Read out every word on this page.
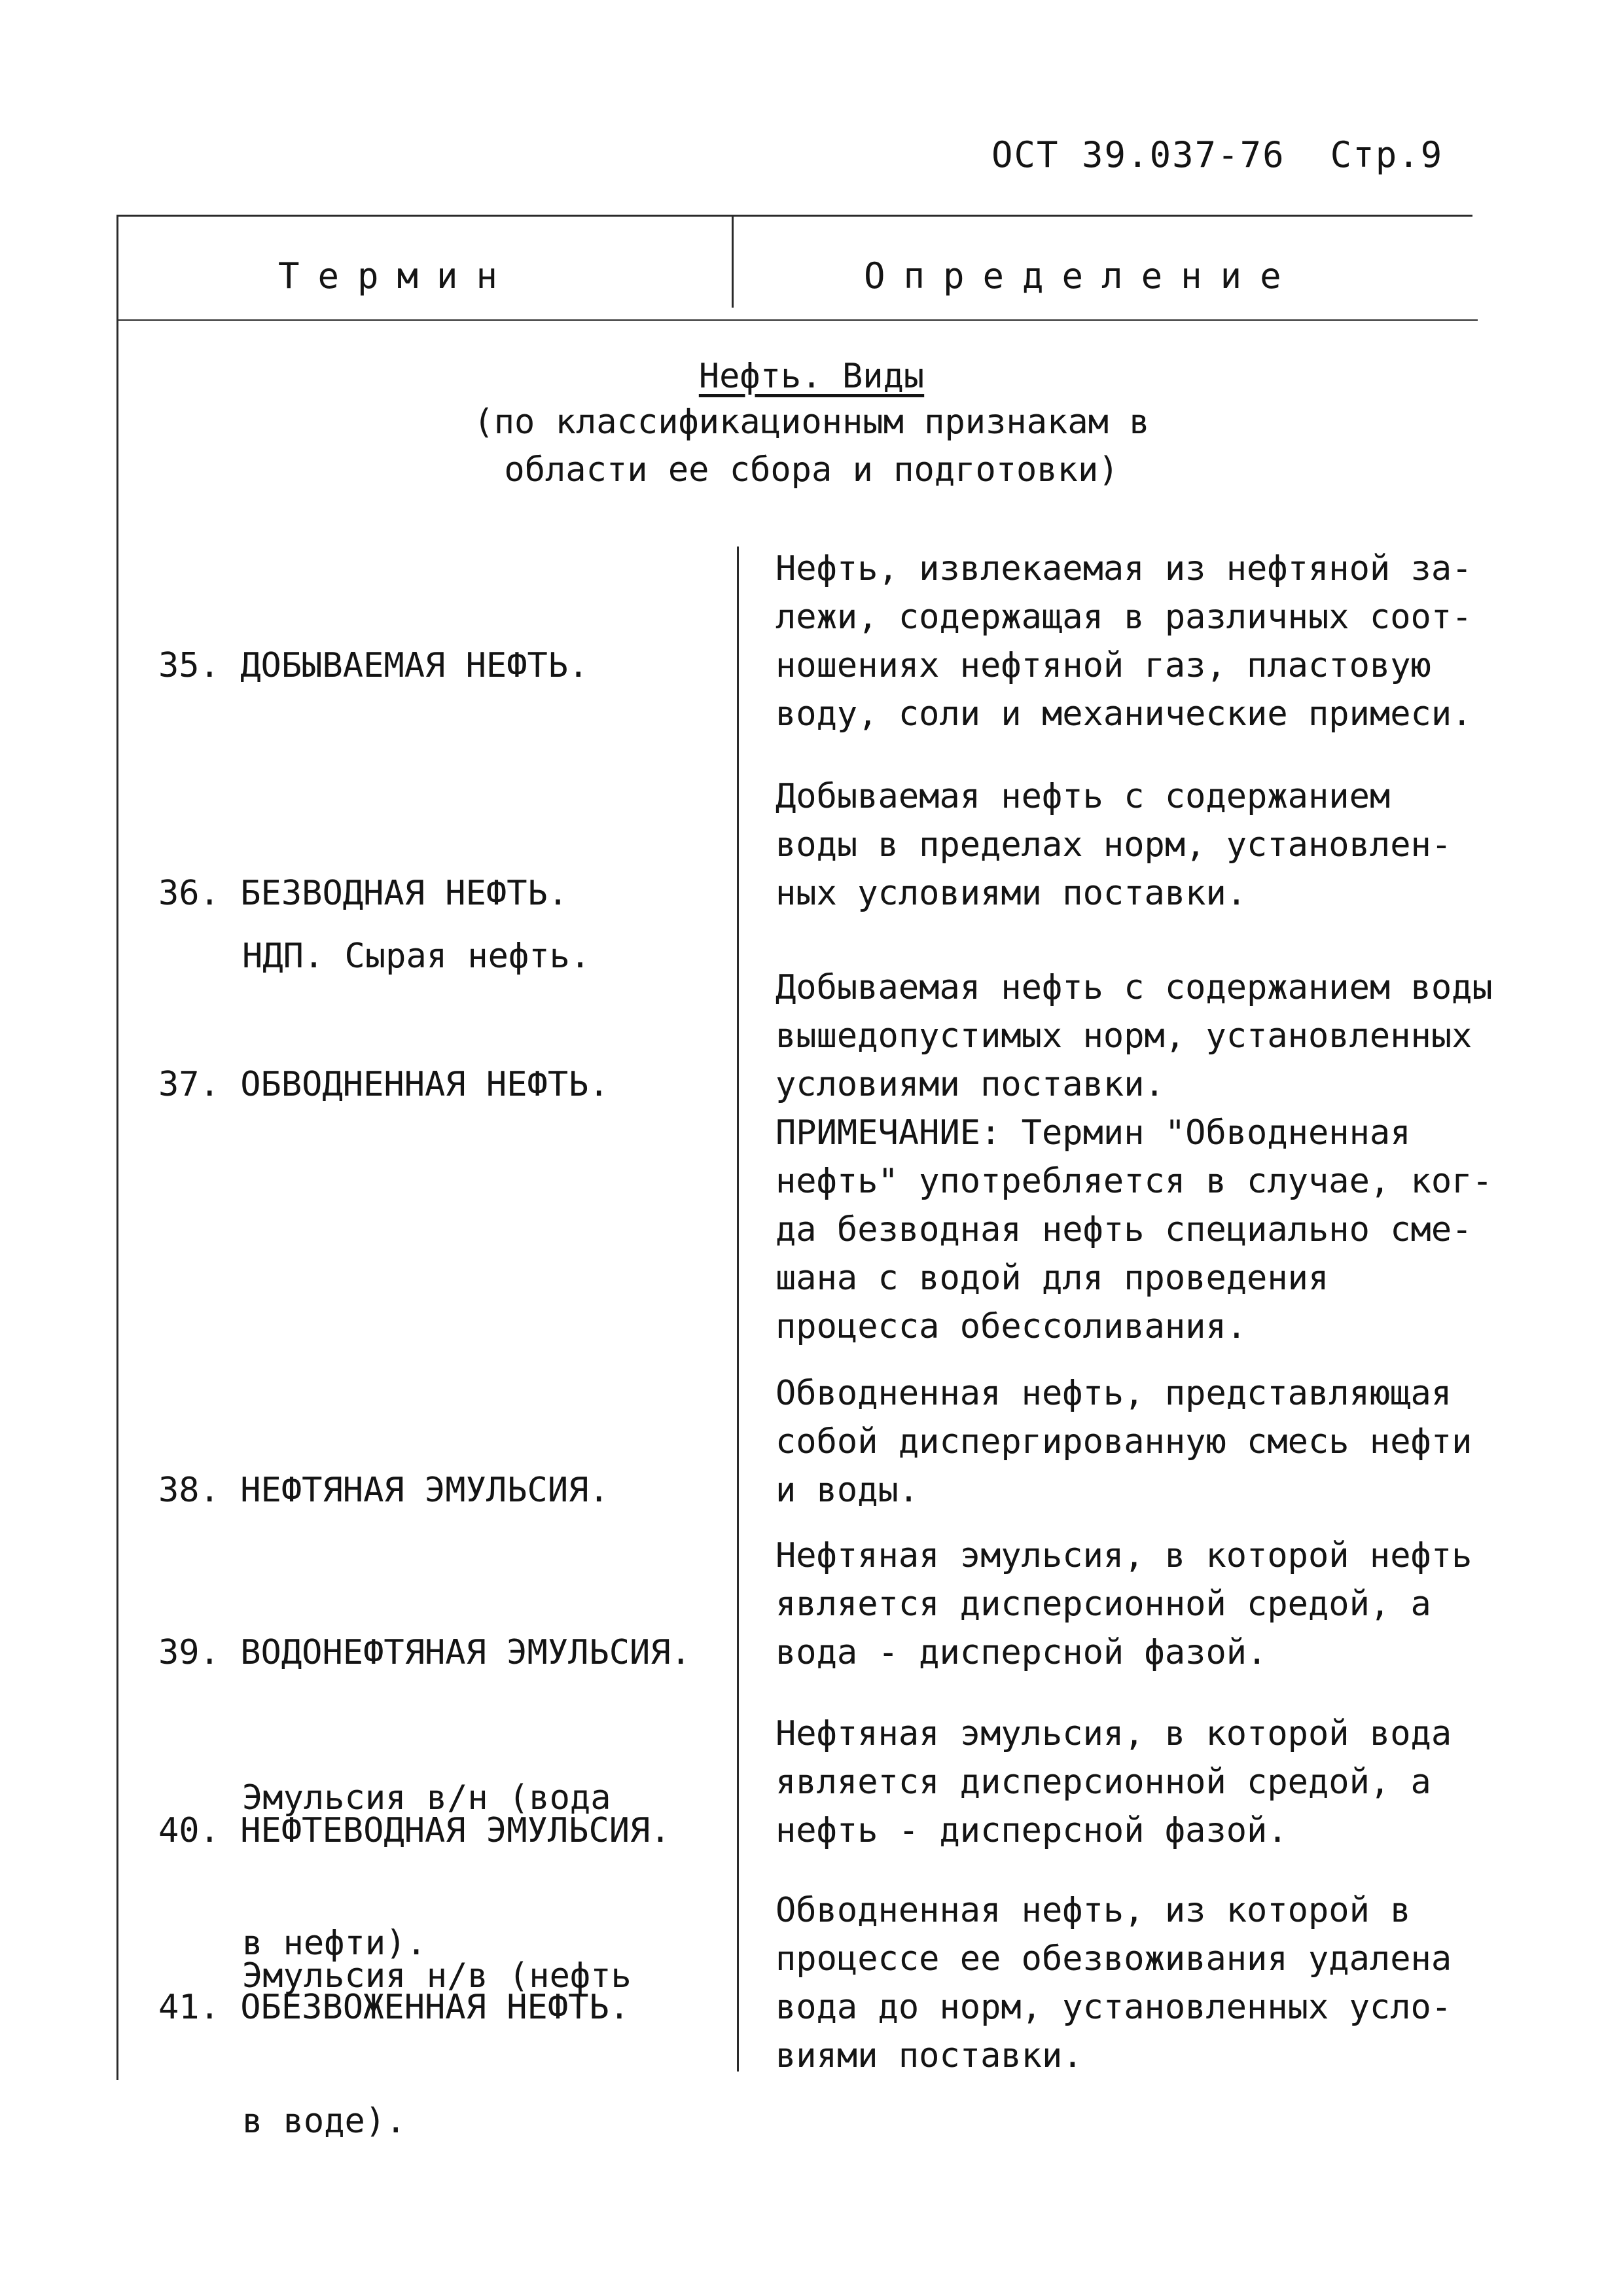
ОСТ 39.037-76 Стр.9
Термин	Определение
Нефть. Виды
(по классификационным признакам в
области ее сбора и подготовки)

35. ДОБЫВАЕМАЯ НЕФТЬ.

НДП. Сырая нефть.

Нефть, извлекаемая из нефтяной за-
лежи, содержащая в различных соот-
ношениях нефтяной газ, пластовую
воду, соли и механические примеси.

36. БЕЗВОДНАЯ НЕФТЬ.

Добываемая нефть с содержанием
воды в пределах норм, установлен-
ных условиями поставки.

37. ОБВОДНЕННАЯ НЕФТЬ.

Добываемая нефть с содержанием воды
вышедопустимых норм, установленных
условиями поставки.
ПРИМЕЧАНИЕ: Термин "Обводненная
нефть" употребляется в случае, ког-
да безводная нефть специально сме-
шана с водой для проведения
процесса обессоливания.

38. НЕФТЯНАЯ ЭМУЛЬСИЯ.

Обводненная нефть, представляющая
собой диспергированную смесь нефти
и воды.

39. ВОДОНЕФТЯНАЯ ЭМУЛЬСИЯ.

Эмульсия в/н (вода

в нефти).

Нефтяная эмульсия, в которой нефть
является дисперсионной средой, а
вода - дисперсной фазой.

40. НЕФТЕВОДНАЯ ЭМУЛЬСИЯ.

Эмульсия н/в (нефть

в воде).

Нефтяная эмульсия, в которой вода
является дисперсионной средой, а
нефть - дисперсной фазой.

41. ОБЕЗВОЖЕННАЯ НЕФТЬ.

Обводненная нефть, из которой в
процессе ее обезвоживания удалена
вода до норм, установленных усло-
виями поставки.
